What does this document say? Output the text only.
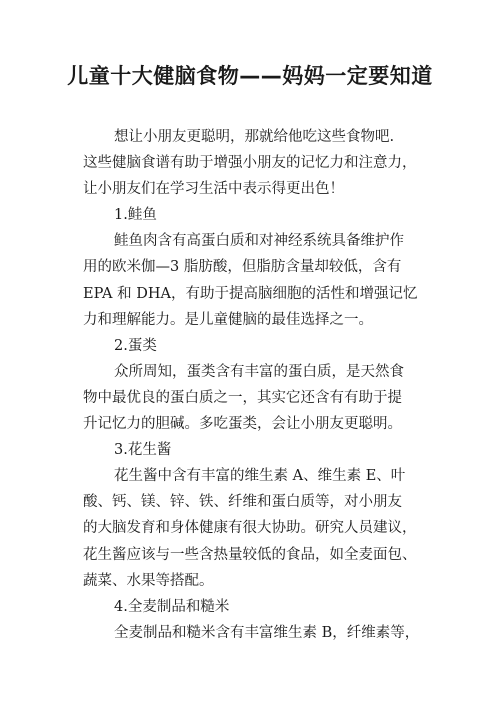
儿童十大健脑食物——妈妈一定要知道
想让小朋友更聪明，那就给他吃这些食物吧.
这些健脑食谱有助于增强小朋友的记忆力和注意力，
让小朋友们在学习生活中表示得更出色！
1.鲑鱼
鲑鱼肉含有高蛋白质和对神经系统具备维护作
用的欧米伽—3 脂肪酸，但脂肪含量却较低，含有
EPA 和 DHA，有助于提高脑细胞的活性和增强记忆
力和理解能力。是儿童健脑的最佳选择之一。
2.蛋类
众所周知，蛋类含有丰富的蛋白质，是天然食
物中最优良的蛋白质之一，其实它还含有有助于提
升记忆力的胆碱。多吃蛋类，会让小朋友更聪明。
3.花生酱
花生酱中含有丰富的维生素 A、维生素 E、叶
酸、钙、镁、锌、铁、纤维和蛋白质等，对小朋友
的大脑发育和身体健康有很大协助。研究人员建议，
花生酱应该与一些含热量较低的食品，如全麦面包、
蔬菜、水果等搭配。
4.全麦制品和糙米
全麦制品和糙米含有丰富维生素 B，纤维素等，
